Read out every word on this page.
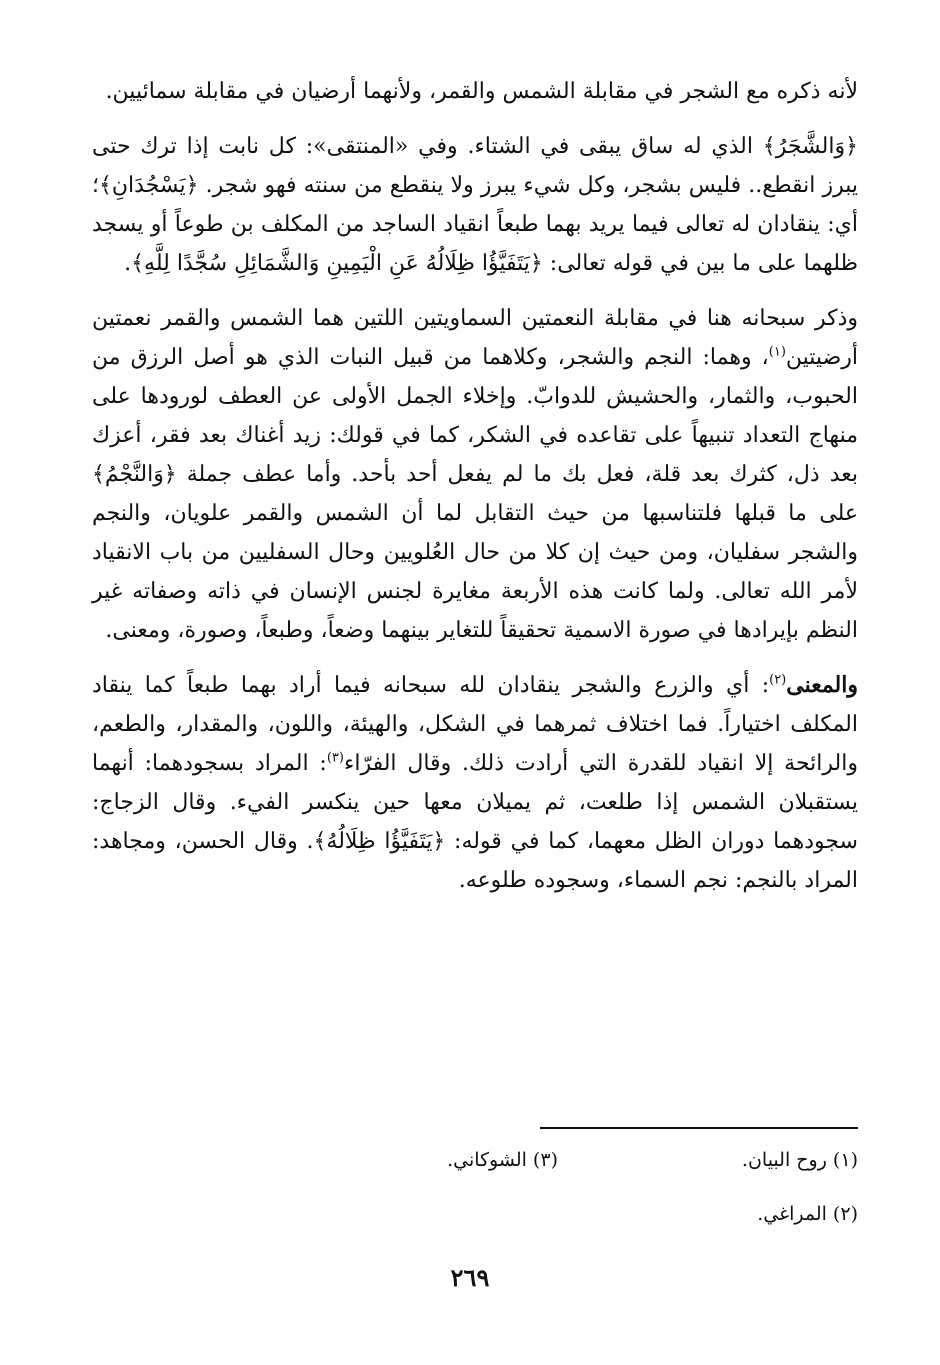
لأنه ذكره مع الشجر في مقابلة الشمس والقمر، ولأنهما أرضيان في مقابلة سمائيين.

﴿وَالشَّجَرُ﴾ الذي له ساق يبقى في الشتاء. وفي «المنتقى»: كل نابت إذا ترك حتى يبرز انقطع.. فليس بشجر، وكل شيء يبرز ولا ينقطع من سنته فهو شجر. ﴿يَسْجُدَانِ﴾؛ أي: ينقادان له تعالى فيما يريد بهما طبعاً انقياد الساجد من المكلف بن طوعاً أو يسجد ظلهما على ما بين في قوله تعالى: ﴿يَتَفَيَّؤُا ظِلَالُهُ عَنِ الْيَمِينِ وَالشَّمَائِلِ سُجَّدًا لِلَّهِ﴾.

وذكر سبحانه هنا في مقابلة النعمتين السماويتين اللتين هما الشمس والقمر نعمتين أرضيتين$^{(١)}$، وهما: النجم والشجر، وكلاهما من قبيل النبات الذي هو أصل الرزق من الحبوب، والثمار، والحشيش للدوابّ. وإخلاء الجمل الأولى عن العطف لورودها على منهاج التعداد تنبيهاً على تقاعده في الشكر، كما في قولك: زيد أغناك بعد فقر، أعزك بعد ذل، كثرك بعد قلة، فعل بك ما لم يفعل أحد بأحد. وأما عطف جملة ﴿وَالنَّجْمُ﴾ على ما قبلها فلتناسبها من حيث التقابل لما أن الشمس والقمر علويان، والنجم والشجر سفليان، ومن حيث إن كلا من حال العُلويين وحال السفليين من باب الانقياد لأمر الله تعالى. ولما كانت هذه الأربعة مغايرة لجنس الإنسان في ذاته وصفاته غير النظم بإيرادها في صورة الاسمية تحقيقاً للتغاير بينهما وضعاً، وطبعاً، وصورة، ومعنى.

والمعنى$^{(٢)}$: أي والزرع والشجر ينقادان لله سبحانه فيما أراد بهما طبعاً كما ينقاد المكلف اختياراً. فما اختلاف ثمرهما في الشكل، والهيئة، واللون، والمقدار، والطعم، والرائحة إلا انقياد للقدرة التي أرادت ذلك. وقال الفرّاء$^{(٣)}$: المراد بسجودهما: أنهما يستقبلان الشمس إذا طلعت، ثم يميلان معها حين ينكسر الفيء. وقال الزجاج: سجودهما دوران الظل معهما، كما في قوله: ﴿يَتَفَيَّؤُا ظِلَالُهُ﴾. وقال الحسن، ومجاهد: المراد بالنجم: نجم السماء، وسجوده طلوعه.

(١) روح البيان.
(٣) الشوكاني.
(٢) المراغي.
٢٦٩
